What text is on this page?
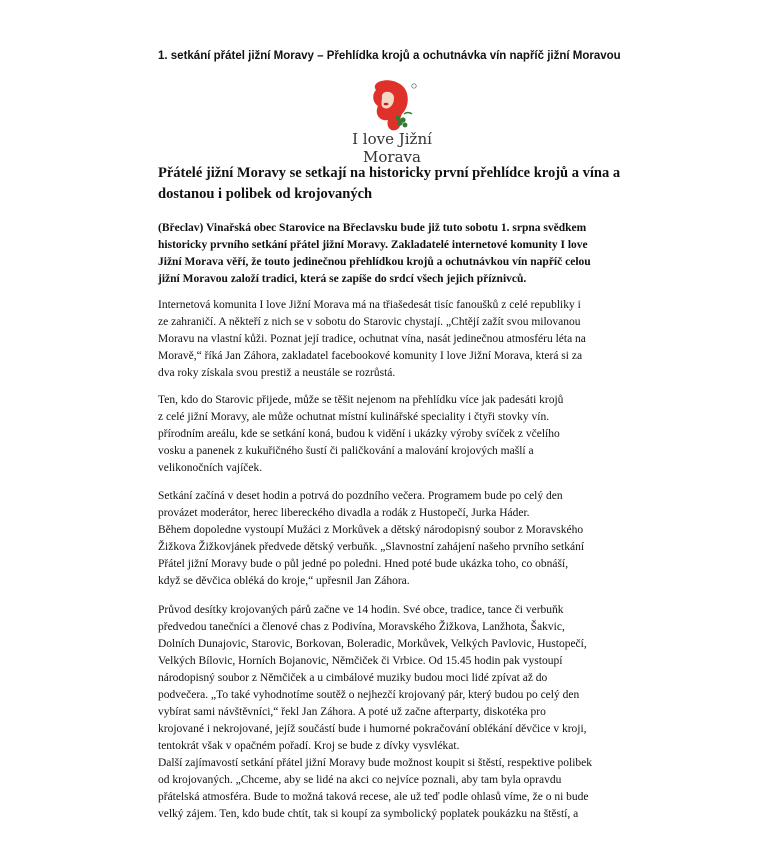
1. setkání přátel jižní Moravy – Přehlídka krojů a ochutnávka vín napříč jižní Moravou
I love Jižní Morava
Přátelé jižní Moravy se setkají na historicky první přehlídce krojů a vína a
dostanou i polibek od krojovaných
(Břeclav) Vinařská obec Starovice na Břeclavsku bude již tuto sobotu 1. srpna svědkem
historicky prvního setkání přátel jižní Moravy. Zakladatelé internetové komunity I love
Jižní Morava věří, že touto jedinečnou přehlídkou krojů a ochutnávkou vín napříč celou
jižní Moravou založí tradici, která se zapíše do srdcí všech jejich příznivců.
Internetová komunita I love Jižní Morava má na třiašedesát tisíc fanoušků z celé republiky i
ze zahraničí. A někteří z nich se v sobotu do Starovic chystají. „Chtějí zažít svou milovanou
Moravu na vlastní kůži. Poznat její tradice, ochutnat vína, nasát jedinečnou atmosféru léta na
Moravě,“ říká Jan Záhora, zakladatel facebookové komunity I love Jižní Morava, která si za
dva roky získala svou prestiž a neustále se rozrůstá.
Ten, kdo do Starovic přijede, může se těšit nejenom na přehlídku více jak padesáti krojů
z celé jižní Moravy, ale může ochutnat místní kulinářské speciality i čtyři stovky vín.
přírodním areálu, kde se setkání koná, budou k vidění i ukázky výroby svíček z včelího
vosku a panenek z kukuřičného šustí či paličkování a malování krojových mašlí a
velikonočních vajíček.
Setkání začíná v deset hodin a potrvá do pozdního večera. Programem bude po celý den
provázet moderátor, herec libereckého divadla a rodák z Hustopečí, Jurka Háder.
Během dopoledne vystoupí Mužáci z Morkůvek a dětský národopisný soubor z Moravského
Žižkova Žižkovjánek předvede dětský verbuňk. „Slavnostní zahájení našeho prvního setkání
Přátel jižní Moravy bude o půl jedné po poledni. Hned poté bude ukázka toho, co obnáší,
když se děvčica obléká do kroje,“ upřesnil Jan Záhora.
Průvod desítky krojovaných párů začne ve 14 hodin. Své obce, tradice, tance či verbuňk
předvedou tanečníci a členové chas z Podivína, Moravského Žižkova, Lanžhota, Šakvic,
Dolních Dunajovic, Starovic, Borkovan, Boleradic, Morkůvek, Velkých Pavlovic, Hustopečí,
Velkých Bílovic, Horních Bojanovic, Němčiček či Vrbice. Od 15.45 hodin pak vystoupí
národopisný soubor z Němčiček a u cimbálové muziky budou moci lidé zpívat až do
podvečera. „To také vyhodnotíme soutěž o nejhezčí krojovaný pár, který budou po celý den
vybírat sami návštěvníci,“ řekl Jan Záhora. A poté už začne afterparty, diskotéka pro
krojované i nekrojované, jejíž součástí bude i humorné pokračování oblékání děvčice v kroji,
tentokrát však v opačném pořadí. Kroj se bude z dívky vysvlékat.
Další zajímavostí setkání přátel jižní Moravy bude možnost koupit si štěstí, respektive polibek
od krojovaných. „Chceme, aby se lidé na akci co nejvíce poznali, aby tam byla opravdu
přátelská atmosféra. Bude to možná taková recese, ale už teď podle ohlasů víme, že o ni bude
velký zájem. Ten, kdo bude chtít, tak si koupí za symbolický poplatek poukázku na štěstí, a
